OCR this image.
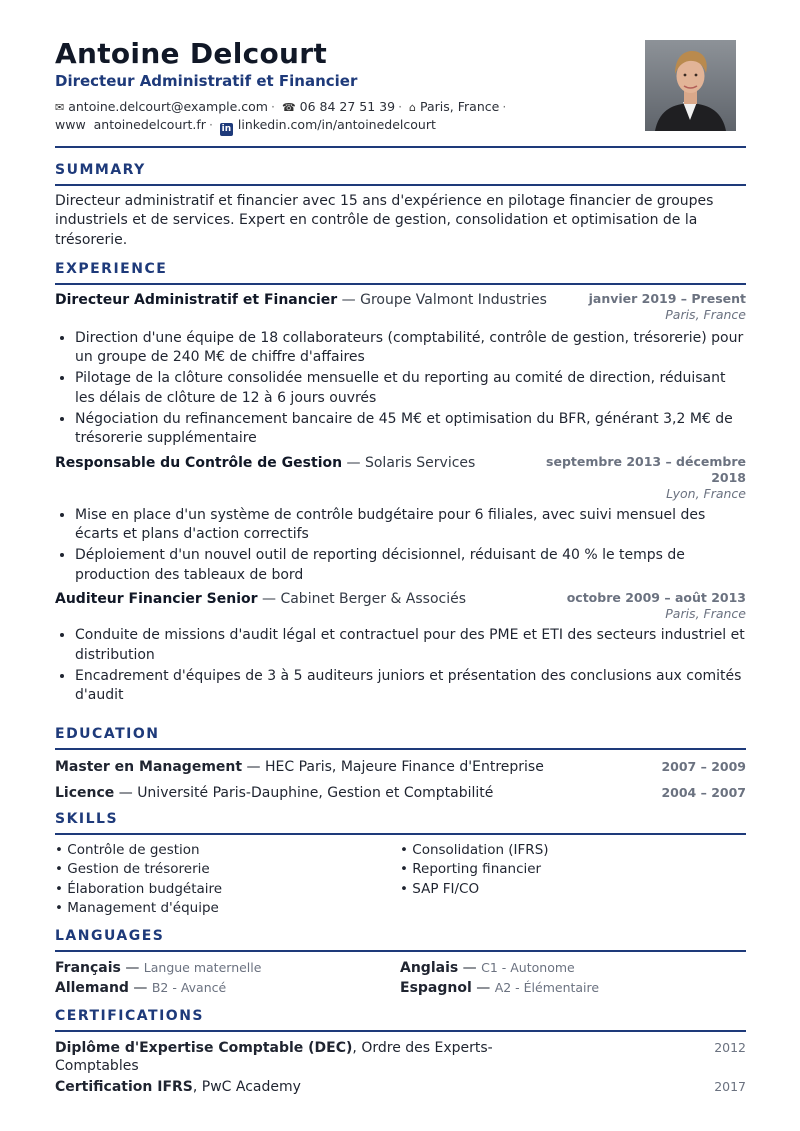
Antoine Delcourt
Directeur Administratif et Financier
✉ antoine.delcourt@example.com · ☎ 06 84 27 51 39 · ⌂ Paris, France ·
www antoinedelcourt.fr · in linkedin.com/in/antoinedelcourt
SUMMARY
Directeur administratif et financier avec 15 ans d'expérience en pilotage financier de groupes industriels et de services. Expert en contrôle de gestion, consolidation et optimisation de la trésorerie.
EXPERIENCE
Directeur Administratif et Financier — Groupe Valmont Industries	janvier 2019 – Present
Paris, France
• Direction d'une équipe de 18 collaborateurs (comptabilité, contrôle de gestion, trésorerie) pour un groupe de 240 M€ de chiffre d'affaires
• Pilotage de la clôture consolidée mensuelle et du reporting au comité de direction, réduisant les délais de clôture de 12 à 6 jours ouvrés
• Négociation du refinancement bancaire de 45 M€ et optimisation du BFR, générant 3,2 M€ de trésorerie supplémentaire
Responsable du Contrôle de Gestion — Solaris Services	septembre 2013 – décembre 2018
Lyon, France
• Mise en place d'un système de contrôle budgétaire pour 6 filiales, avec suivi mensuel des écarts et plans d'action correctifs
• Déploiement d'un nouvel outil de reporting décisionnel, réduisant de 40 % le temps de production des tableaux de bord
Auditeur Financier Senior — Cabinet Berger & Associés	octobre 2009 – août 2013
Paris, France
• Conduite de missions d'audit légal et contractuel pour des PME et ETI des secteurs industriel et distribution
• Encadrement d'équipes de 3 à 5 auditeurs juniors et présentation des conclusions aux comités d'audit
EDUCATION
Master en Management — HEC Paris, Majeure Finance d'Entreprise	2007 – 2009
Licence — Université Paris-Dauphine, Gestion et Comptabilité	2004 – 2007
SKILLS
• Contrôle de gestion
• Gestion de trésorerie
• Élaboration budgétaire
• Management d'équipe
• Consolidation (IFRS)
• Reporting financier
• SAP FI/CO
LANGUAGES
Français — Langue maternelle	Anglais — C1 - Autonome
Allemand — B2 - Avancé	Espagnol — A2 - Élémentaire
CERTIFICATIONS
Diplôme d'Expertise Comptable (DEC), Ordre des Experts-Comptables
2012
Certification IFRS, PwC Academy	2017
